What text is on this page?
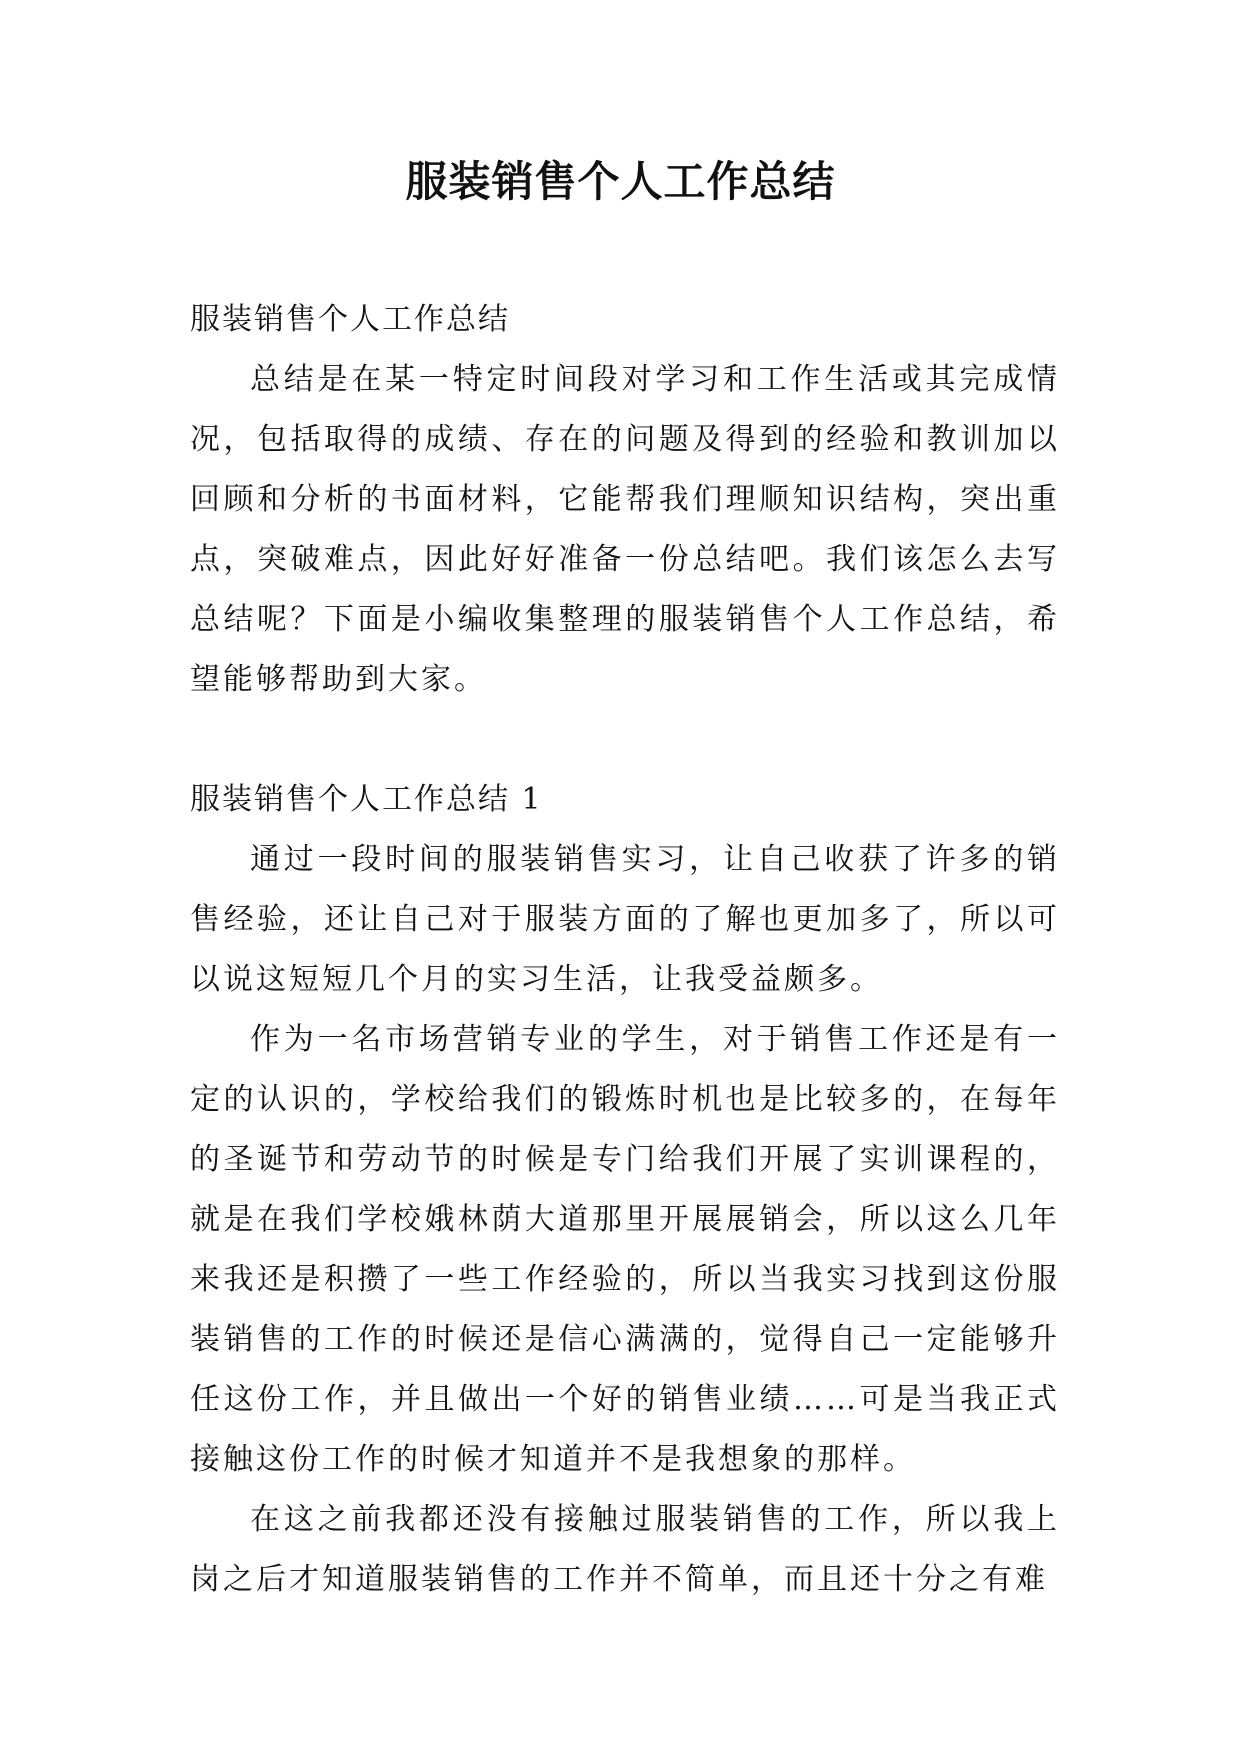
服装销售个人工作总结

服装销售个人工作总结

总结是在某一特定时间段对学习和工作生活或其完成情况，包括取得的成绩、存在的问题及得到的经验和教训加以回顾和分析的书面材料，它能帮我们理顺知识结构，突出重点，突破难点，因此好好准备一份总结吧。我们该怎么去写总结呢？下面是小编收集整理的服装销售个人工作总结，希望能够帮助到大家。

服装销售个人工作总结 1

通过一段时间的服装销售实习，让自己收获了许多的销售经验，还让自己对于服装方面的了解也更加多了，所以可以说这短短几个月的实习生活，让我受益颇多。

作为一名市场营销专业的学生，对于销售工作还是有一定的认识的，学校给我们的锻炼时机也是比较多的，在每年的圣诞节和劳动节的时候是专门给我们开展了实训课程的，就是在我们学校娥林荫大道那里开展展销会，所以这么几年来我还是积攒了一些工作经验的，所以当我实习找到这份服装销售的工作的时候还是信心满满的，觉得自己一定能够升任这份工作，并且做出一个好的销售业绩……可是当我正式接触这份工作的时候才知道并不是我想象的那样。

在这之前我都还没有接触过服装销售的工作，所以我上岗之后才知道服装销售的工作并不简单，而且还十分之有难
